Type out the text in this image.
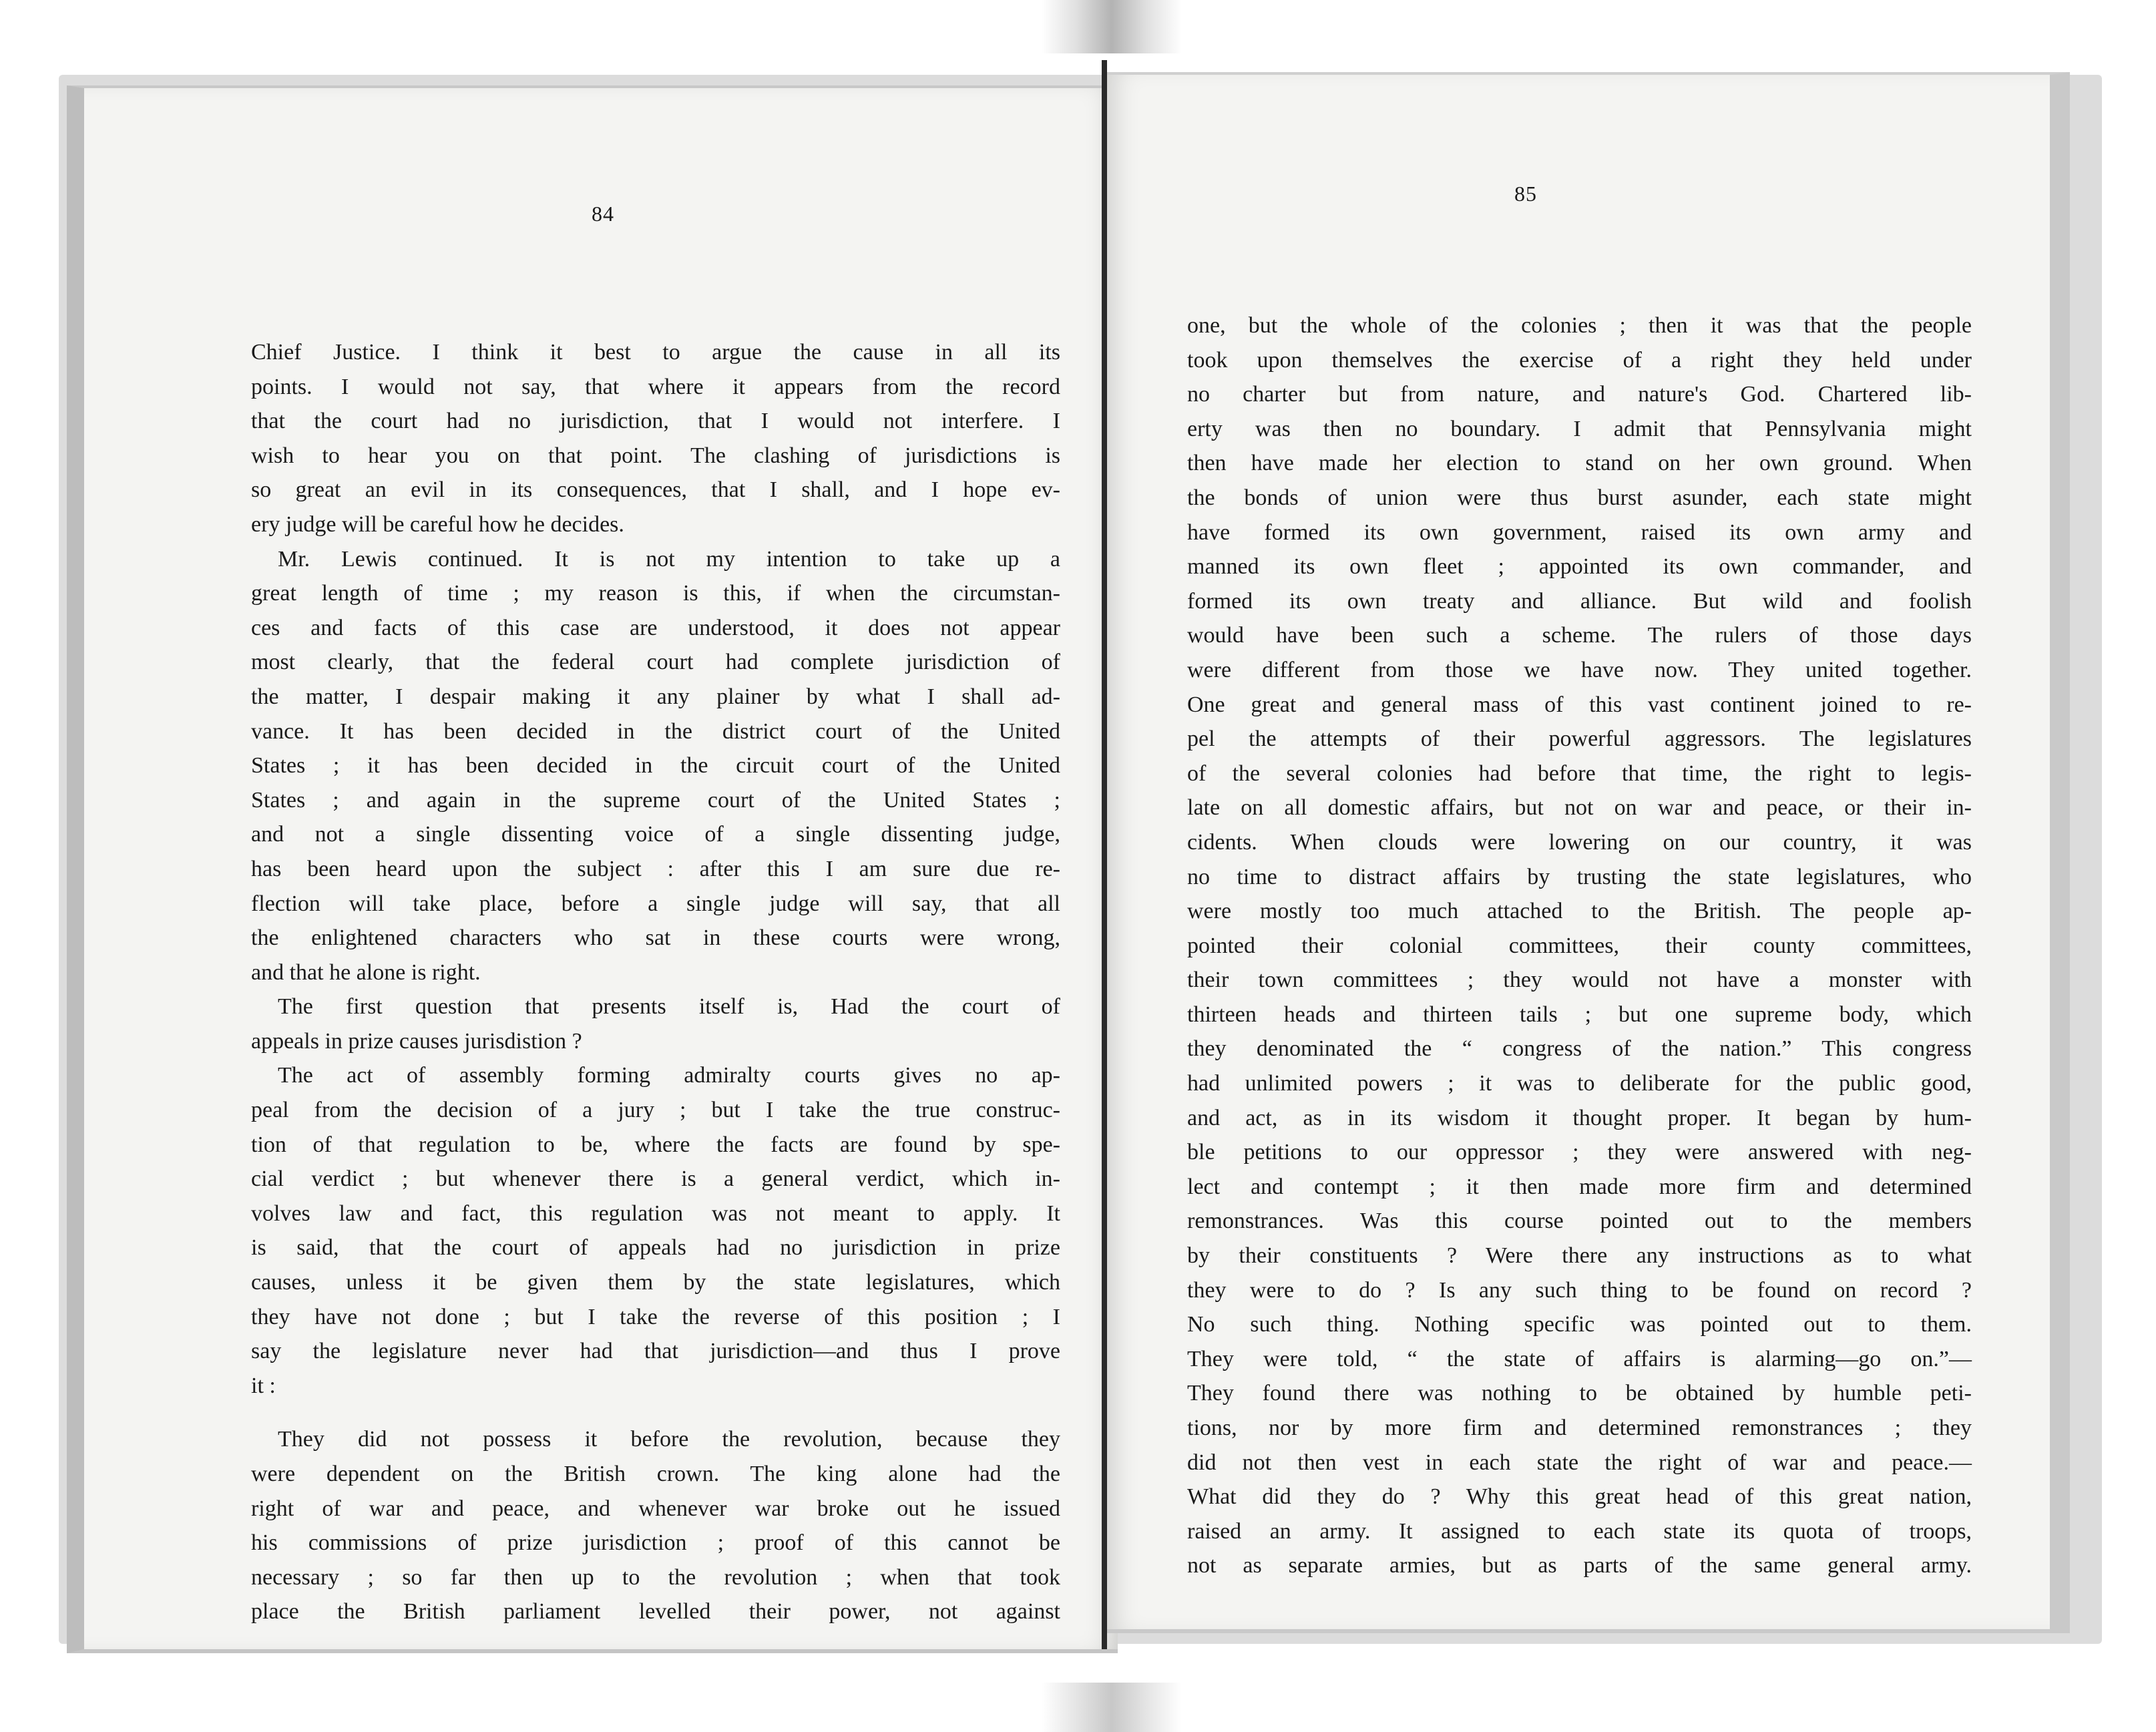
84
Chief Justice. I think it best to argue the cause in all its
points. I would not say, that where it appears from the record
that the court had no jurisdiction, that I would not interfere. I
wish to hear you on that point. The clashing of jurisdictions is
so great an evil in its consequences, that I shall, and I hope ev-
ery judge will be careful how he decides.
Mr. Lewis continued. It is not my intention to take up a
great length of time ; my reason is this, if when the circumstan-
ces and facts of this case are understood, it does not appear
most clearly, that the federal court had complete jurisdiction of
the matter, I despair making it any plainer by what I shall ad-
vance. It has been decided in the district court of the United
States ; it has been decided in the circuit court of the United
States ; and again in the supreme court of the United States ;
and not a single dissenting voice of a single dissenting judge,
has been heard upon the subject : after this I am sure due re-
flection will take place, before a single judge will say, that all
the enlightened characters who sat in these courts were wrong,
and that he alone is right.
The first question that presents itself is, Had the court of
appeals in prize causes jurisdistion ?
The act of assembly forming admiralty courts gives no ap-
peal from the decision of a jury ; but I take the true construc-
tion of that regulation to be, where the facts are found by spe-
cial verdict ; but whenever there is a general verdict, which in-
volves law and fact, this regulation was not meant to apply. It
is said, that the court of appeals had no jurisdiction in prize
causes, unless it be given them by the state legislatures, which
they have not done ; but I take the reverse of this position ; I
say the legislature never had that jurisdiction—and thus I prove
it :
They did not possess it before the revolution, because they
were dependent on the British crown. The king alone had the
right of war and peace, and whenever war broke out he issued
his commissions of prize jurisdiction ; proof of this cannot be
necessary ; so far then up to the revolution ; when that took
place the British parliament levelled their power, not against
85
one, but the whole of the colonies ; then it was that the people
took upon themselves the exercise of a right they held under
no charter but from nature, and nature's God. Chartered lib-
erty was then no boundary. I admit that Pennsylvania might
then have made her election to stand on her own ground. When
the bonds of union were thus burst asunder, each state might
have formed its own government, raised its own army and
manned its own fleet ; appointed its own commander, and
formed its own treaty and alliance. But wild and foolish
would have been such a scheme. The rulers of those days
were different from those we have now. They united together.
One great and general mass of this vast continent joined to re-
pel the attempts of their powerful aggressors. The legislatures
of the several colonies had before that time, the right to legis-
late on all domestic affairs, but not on war and peace, or their in-
cidents. When clouds were lowering on our country, it was
no time to distract affairs by trusting the state legislatures, who
were mostly too much attached to the British. The people ap-
pointed their colonial committees, their county committees,
their town committees ; they would not have a monster with
thirteen heads and thirteen tails ; but one supreme body, which
they denominated the “ congress of the nation.” This congress
had unlimited powers ; it was to deliberate for the public good,
and act, as in its wisdom it thought proper. It began by hum-
ble petitions to our oppressor ; they were answered with neg-
lect and contempt ; it then made more firm and determined
remonstrances. Was this course pointed out to the members
by their constituents ? Were there any instructions as to what
they were to do ? Is any such thing to be found on record ?
No such thing. Nothing specific was pointed out to them.
They were told, “ the state of affairs is alarming—go on.”—
They found there was nothing to be obtained by humble peti-
tions, nor by more firm and determined remonstrances ; they
did not then vest in each state the right of war and peace.—
What did they do ? Why this great head of this great nation,
raised an army. It assigned to each state its quota of troops,
not as separate armies, but as parts of the same general army.
